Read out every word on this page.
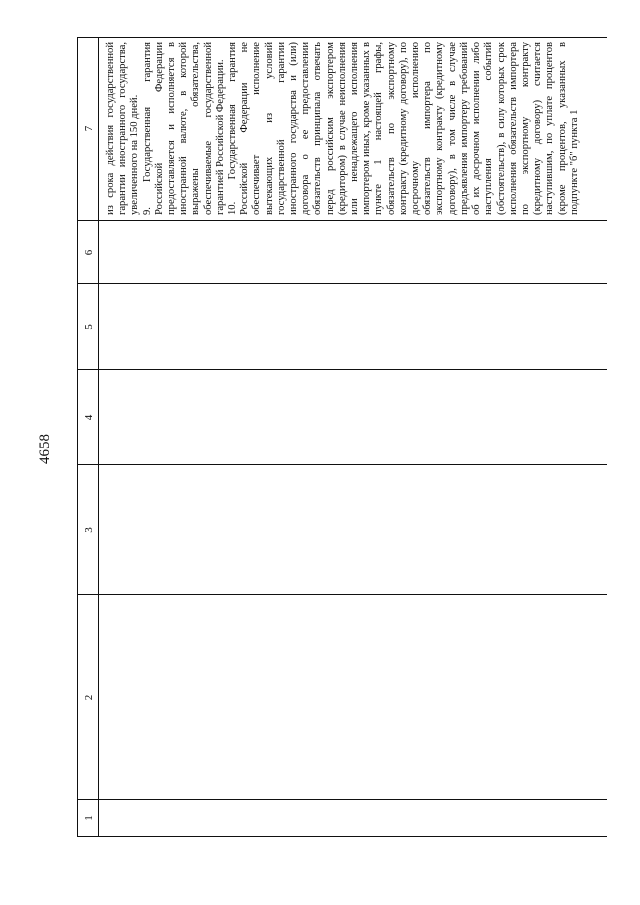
4658
1
2
3
4
5
6
7 из срока действия государственной гарантии иностранного государства, увеличенного на 150 дней. 9. Государственная гарантия Российской Федерации предоставляется и исполняется в иностранной валюте, в которой выражены обязательства, обеспечиваемые государственной гарантией Российской Федерации. 10. Государственная гарантия Российской Федерации не обеспечивает исполнение вытекающих из условий государственной гарантии иностранного государства и (или) договора о ее предоставлении обязательств принципала отвечать перед российским экспортером (кредитором) в случае неисполнения или ненадлежащего исполнения импортером иных, кроме указанных в пункте 1 настоящей графы, обязательств по экспортному контракту (кредитному договору), по досрочному исполнению обязательств импортера по экспортному контракту (кредитному договору), в том числе в случае предъявления импортеру требований об их досрочном исполнении либо наступления событий (обстоятельств), в силу которых срок исполнения обязательств импортера по экспортному контракту (кредитному договору) считается наступившим, по уплате процентов (кроме процентов, указанных в подпункте "б" пункта 1
